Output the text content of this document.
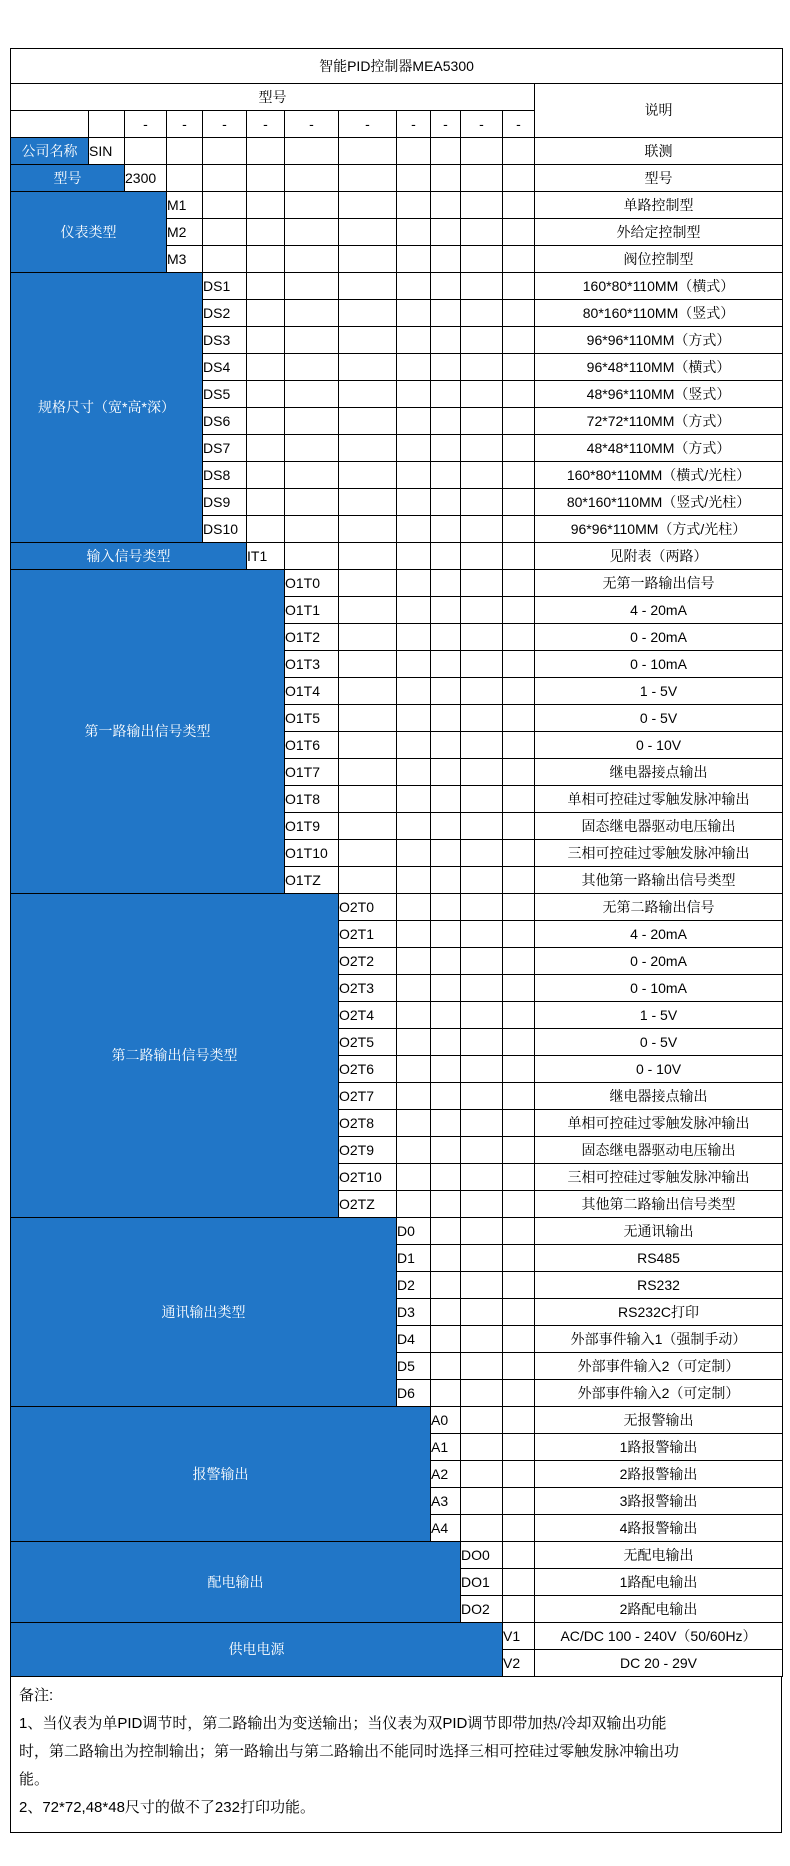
智能PID控制器MEA5300												
型号												说明
		-	-	-	-	-	-	-	-	-	-	
公司名称	SIN											联测
型号		2300										型号
仪表类型			M1									单路控制型
			M2									外给定控制型
			M3									阀位控制型
规格尺寸（宽*高*深）				DS1								160*80*110MM（横式）
				DS2								80*160*110MM（竖式）
				DS3								96*96*110MM（方式）
				DS4								96*48*110MM（横式）
				DS5								48*96*110MM（竖式）
				DS6								72*72*110MM（方式）
				DS7								48*48*110MM（方式）
				DS8								160*80*110MM（横式/光柱）
				DS9								80*160*110MM（竖式/光柱）
				DS10								96*96*110MM（方式/光柱）
输入信号类型					IT1							见附表（两路）
第一路输出信号类型						O1T0						无第一路输出信号
						O1T1						4 - 20mA
						O1T2						0 - 20mA
						O1T3						0 - 10mA
						O1T4						1 - 5V
						O1T5						0 - 5V
						O1T6						0 - 10V
						O1T7						继电器接点输出
						O1T8						单相可控硅过零触发脉冲输出
						O1T9						固态继电器驱动电压输出
						O1T10						三相可控硅过零触发脉冲输出
						O1TZ						其他第一路输出信号类型
第二路输出信号类型							O2T0					无第二路输出信号
							O2T1					4 - 20mA
							O2T2					0 - 20mA
							O2T3					0 - 10mA
							O2T4					1 - 5V
							O2T5					0 - 5V
							O2T6					0 - 10V
							O2T7					继电器接点输出
							O2T8					单相可控硅过零触发脉冲输出
							O2T9					固态继电器驱动电压输出
							O2T10					三相可控硅过零触发脉冲输出
							O2TZ					其他第二路输出信号类型
通讯输出类型								D0				无通讯输出
								D1				RS485
								D2				RS232
								D3				RS232C打印
								D4				外部事件输入1（强制手动）
								D5				外部事件输入2（可定制）
								D6				外部事件输入2（可定制）
报警输出									A0			无报警输出
									A1			1路报警输出
									A2			2路报警输出
									A3			3路报警输出
									A4			4路报警输出
配电输出										DO0		无配电输出
										DO1		1路配电输出
										DO2		2路配电输出
供电电源											V1	AC/DC 100 - 240V（50/60Hz）
											V2	DC 20 - 29V
备注:
1、当仪表为单PID调节时，第二路输出为变送输出；当仪表为双PID调节即带加热/冷却双输出功能
时，第二路输出为控制输出；第一路输出与第二路输出不能同时选择三相可控硅过零触发脉冲输出功
能。
2、72*72,48*48尺寸的做不了232打印功能。
